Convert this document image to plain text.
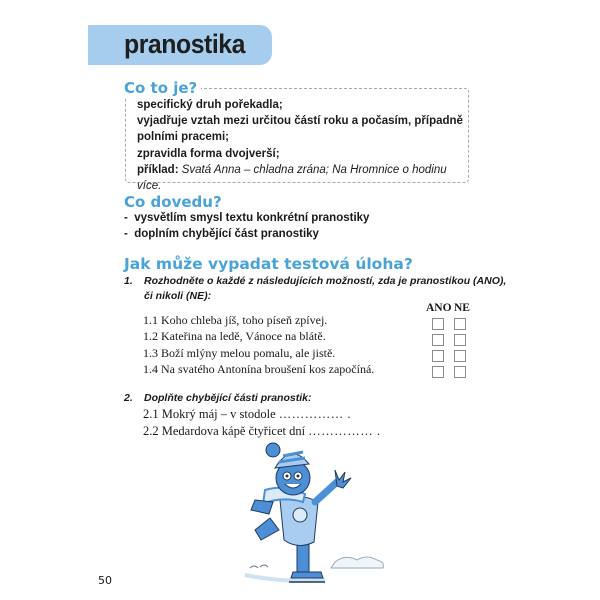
pranostika
Co to je?
specifický druh pořekadla;
vyjadřuje vztah mezi určitou částí roku a počasím, případně
polními pracemi;
zpravidla forma dvojverší;
příklad: Svatá Anna – chladna zrána; Na Hromnice o hodinu více.
Co dovedu?
- vysvětlím smysl textu konkrétní pranostiky
- doplním chybějící část pranostiky
Jak může vypadat testová úloha?
1. Rozhodněte o každé z následujících možností, zda je pranostikou (ANO),
či nikoli (NE):
ANO NE
1.1 Koho chleba jíš, toho píseň zpívej.
1.2 Kateřina na ledě, Vánoce na blátě.
1.3 Boží mlýny melou pomalu, ale jistě.
1.4 Na svatého Antonína broušení kos započíná.
2. Doplňte chybějící části pranostik:
2.1 Mokrý máj – v stodole …………… .
2.2 Medardova kápě čtyřicet dní …………… .
50
